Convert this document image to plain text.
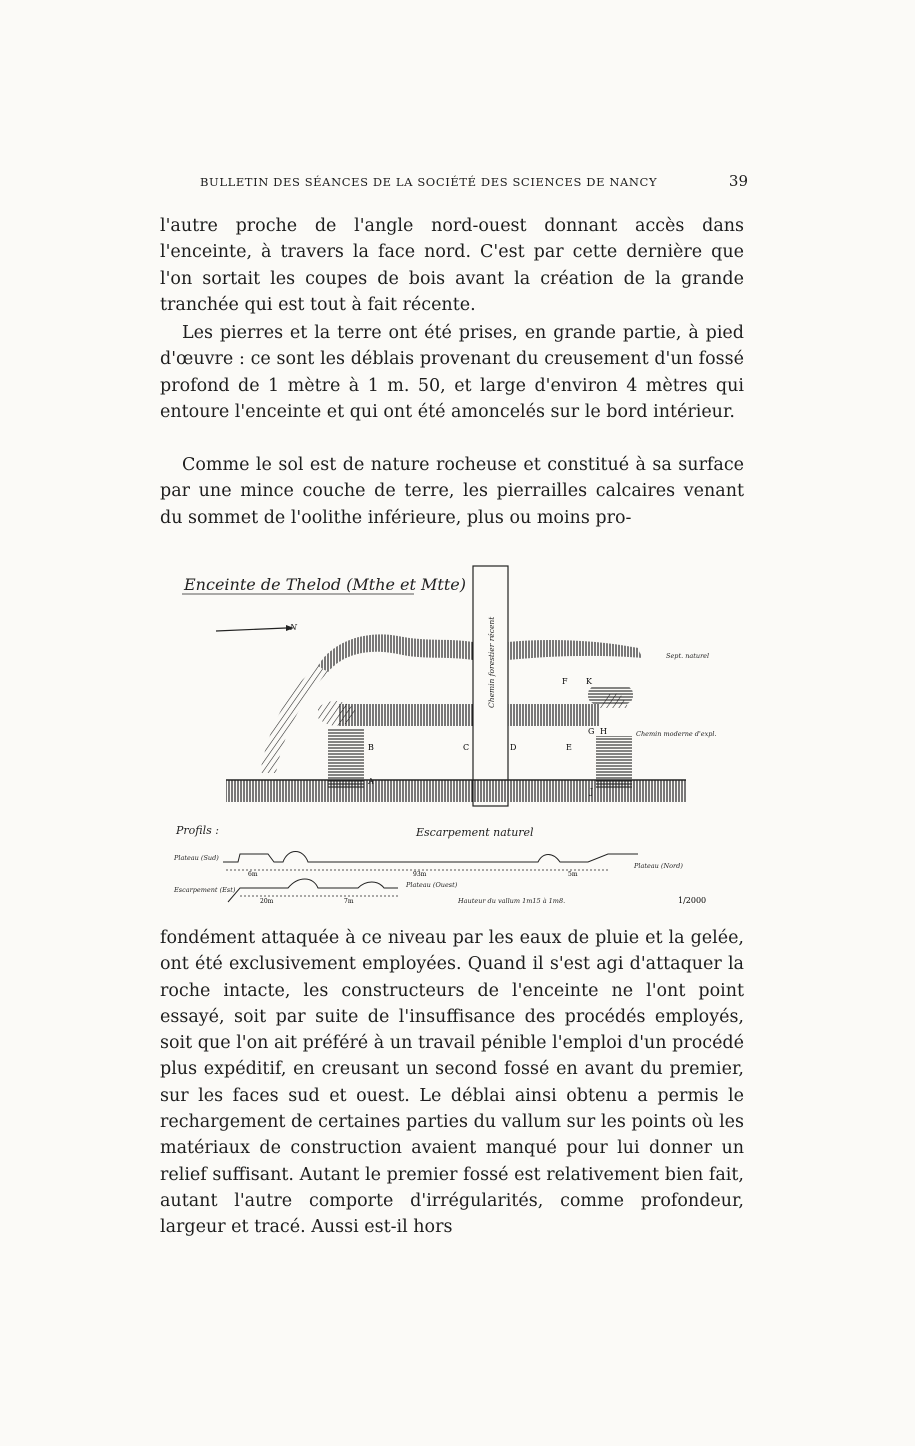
BULLETIN DES SÉANCES DE LA SOCIÉTÉ DES SCIENCES DE NANCY	39

l'autre proche de l'angle nord-ouest donnant accès dans l'enceinte, à travers la face nord. C'est par cette dernière que l'on sortait les coupes de bois avant la création de la grande tranchée qui est tout à fait récente.

Les pierres et la terre ont été prises, en grande partie, à pied d'œuvre : ce sont les déblais provenant du creusement d'un fossé profond de 1 mètre à 1 m. 50, et large d'environ 4 mètres qui entoure l'enceinte et qui ont été amoncelés sur le bord intérieur.

Comme le sol est de nature rocheuse et constitué à sa surface par une mince couche de terre, les pierrailles calcaires venant du sommet de l'oolithe inférieure, plus ou moins pro-

Enceinte de Thelod (Mthe et Mtte)
N	Chemin forestier récent
B	C	D	E
F K
G H
Sept. naturel
Chemin moderne d'expl.
Escarpement naturel
Profils :
Plateau (Sud)
6m	93m	5m
Plateau (Nord)
Escarpement (Est)
20m	7m
Plateau (Ouest)
Hauteur du vallum 1m15 à 1m8.	1/2000

fondément attaquée à ce niveau par les eaux de pluie et la gelée, ont été exclusivement employées. Quand il s'est agi d'attaquer la roche intacte, les constructeurs de l'enceinte ne l'ont point essayé, soit par suite de l'insuffisance des procédés employés, soit que l'on ait préféré à un travail pénible l'emploi d'un procédé plus expéditif, en creusant un second fossé en avant du premier, sur les faces sud et ouest. Le déblai ainsi obtenu a permis le rechargement de certaines parties du vallum sur les points où les matériaux de construction avaient manqué pour lui donner un relief suffisant. Autant le premier fossé est relativement bien fait, autant l'autre comporte d'irrégularités, comme profondeur, largeur et tracé. Aussi est-il hors
